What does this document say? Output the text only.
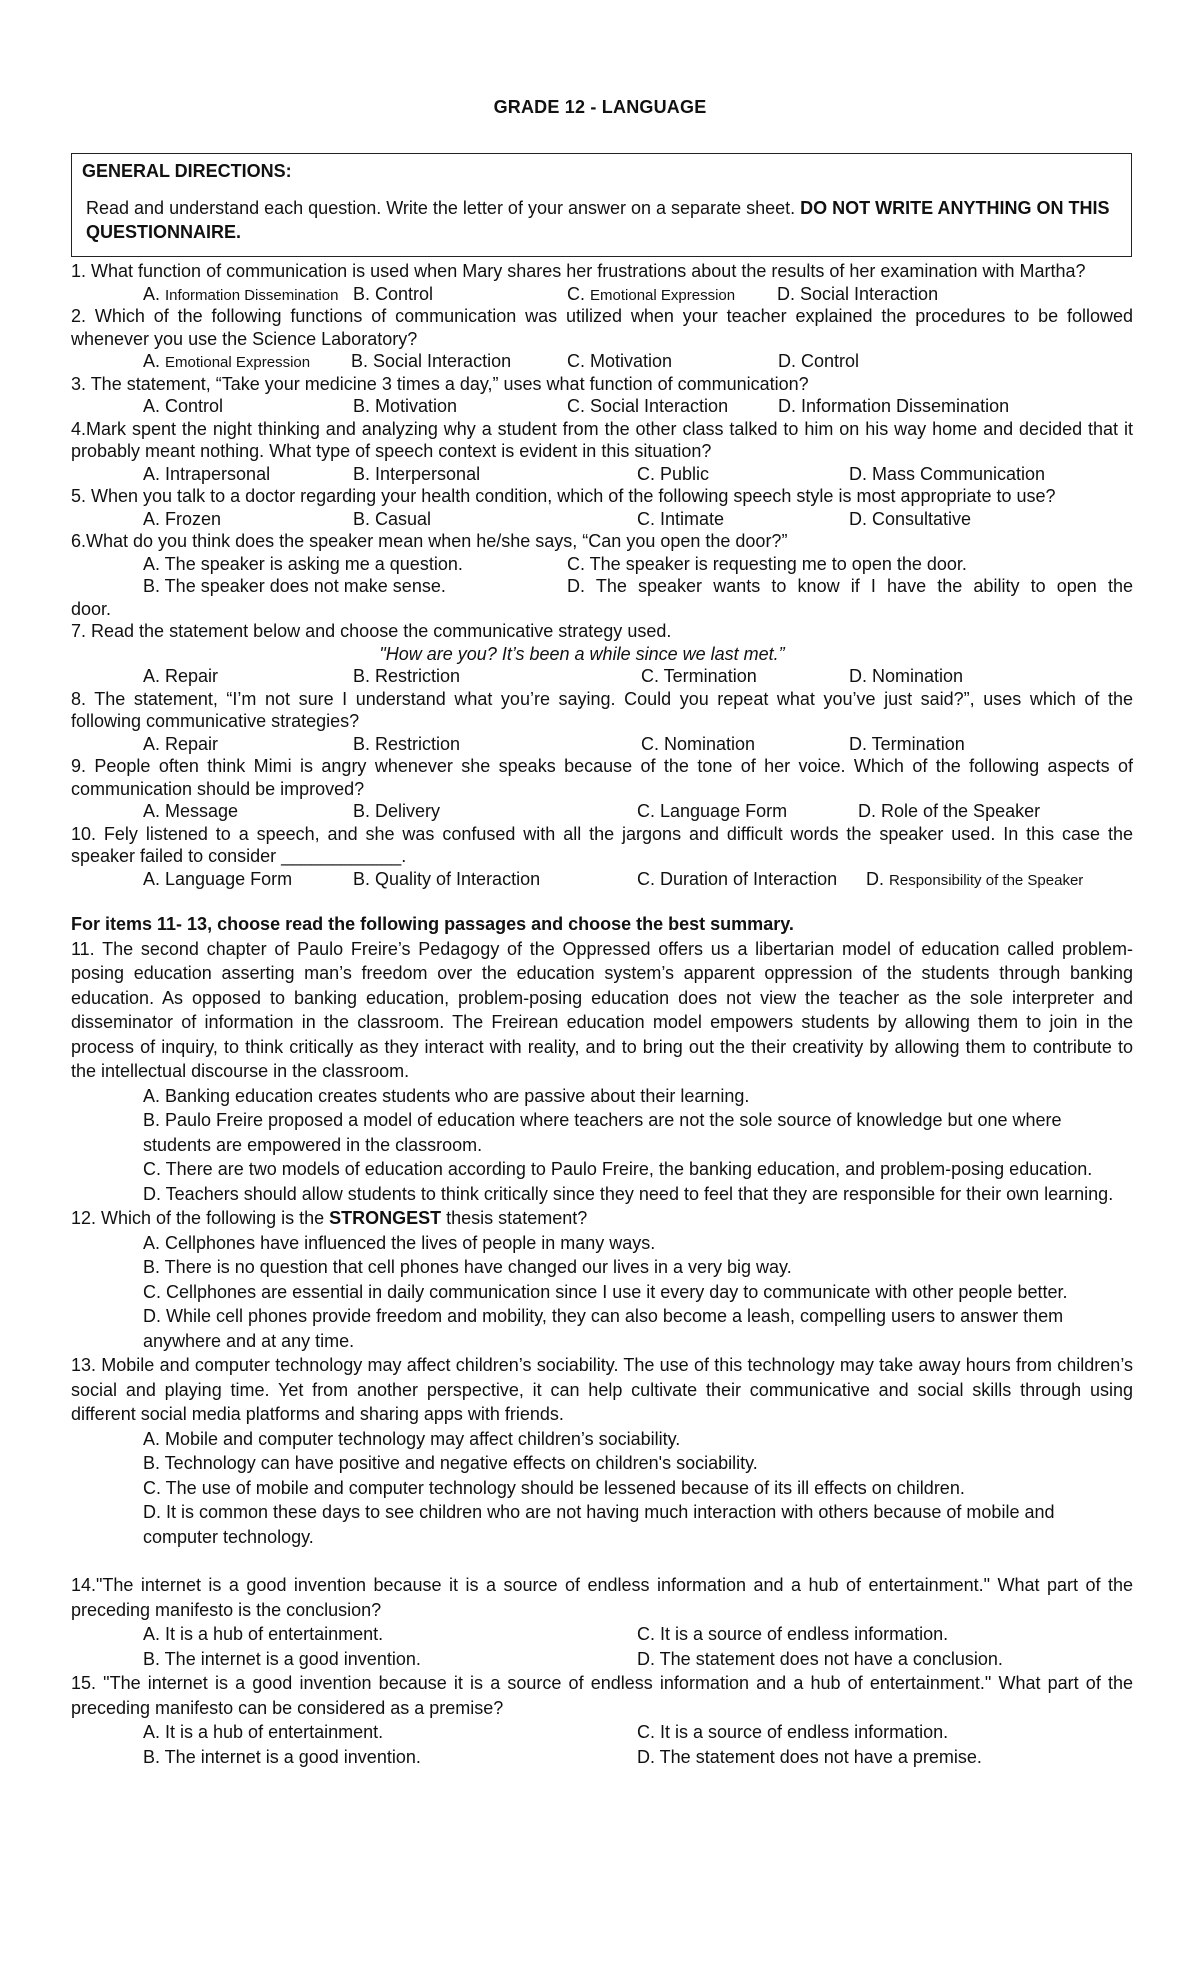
GRADE 12 - LANGUAGE
GENERAL DIRECTIONS:
Read and understand each question. Write the letter of your answer on a separate sheet. DO NOT WRITE ANYTHING ON THIS QUESTIONNAIRE.
1. What function of communication is used when Mary shares her frustrations about the results of her examination with Martha?
A. Information Dissemination B. Control	C. Emotional Expression D. Social Interaction
2. Which of the following functions of communication was utilized when your teacher explained the procedures to be followed whenever you use the Science Laboratory?
A. Emotional Expression B. Social Interaction	C. Motivation	D. Control
3. The statement, “Take your medicine 3 times a day,” uses what function of communication?
A. Control	B. Motivation	C. Social Interaction	D. Information Dissemination
4.Mark spent the night thinking and analyzing why a student from the other class talked to him on his way home and decided that it probably meant nothing. What type of speech context is evident in this situation?
A. Intrapersonal	B. Interpersonal	C. Public	D. Mass Communication
5. When you talk to a doctor regarding your health condition, which of the following speech style is most appropriate to use?
A. Frozen	B. Casual	C. Intimate	D. Consultative
6.What do you think does the speaker mean when he/she says, “Can you open the door?”
A. The speaker is asking me a question.	C. The speaker is requesting me to open the door.
B. The speaker does not make sense.	D. The speaker wants to know if I have the ability to open the
door.
7. Read the statement below and choose the communicative strategy used.
"How are you? It’s been a while since we last met.”
A. Repair	B. Restriction	C. Termination	D. Nomination
8. The statement, “I’m not sure I understand what you’re saying. Could you repeat what you’ve just said?”, uses which of the following communicative strategies?
A. Repair	B. Restriction	C. Nomination	D. Termination
9. People often think Mimi is angry whenever she speaks because of the tone of her voice. Which of the following aspects of communication should be improved?
A. Message	B. Delivery	C. Language Form	D. Role of the Speaker
10. Fely listened to a speech, and she was confused with all the jargons and difficult words the speaker used. In this case the speaker failed to consider ____________.
A. Language Form	B. Quality of Interaction	C. Duration of Interaction D. Responsibility of the Speaker
For items 11- 13, choose read the following passages and choose the best summary.
11. The second chapter of Paulo Freire’s Pedagogy of the Oppressed offers us a libertarian model of education called problem-posing education asserting man’s freedom over the education system’s apparent oppression of the students through banking education. As opposed to banking education, problem-posing education does not view the teacher as the sole interpreter and disseminator of information in the classroom. The Freirean education model empowers students by allowing them to join in the process of inquiry, to think critically as they interact with reality, and to bring out the their creativity by allowing them to contribute to the intellectual discourse in the classroom.
A. Banking education creates students who are passive about their learning.
B. Paulo Freire proposed a model of education where teachers are not the sole source of knowledge but one where students are empowered in the classroom.
C. There are two models of education according to Paulo Freire, the banking education, and problem-posing education.
D. Teachers should allow students to think critically since they need to feel that they are responsible for their own learning.
12. Which of the following is the STRONGEST thesis statement?
A. Cellphones have influenced the lives of people in many ways.
B. There is no question that cell phones have changed our lives in a very big way.
C. Cellphones are essential in daily communication since I use it every day to communicate with other people better.
D. While cell phones provide freedom and mobility, they can also become a leash, compelling users to answer them anywhere and at any time.
13. Mobile and computer technology may affect children’s sociability. The use of this technology may take away hours from children’s social and playing time. Yet from another perspective, it can help cultivate their communicative and social skills through using different social media platforms and sharing apps with friends.
A. Mobile and computer technology may affect children’s sociability.
B. Technology can have positive and negative effects on children's sociability.
C. The use of mobile and computer technology should be lessened because of its ill effects on children.
D. It is common these days to see children who are not having much interaction with others because of mobile and computer technology.
14."The internet is a good invention because it is a source of endless information and a hub of entertainment." What part of the preceding manifesto is the conclusion?
A. It is a hub of entertainment.	C. It is a source of endless information.
B. The internet is a good invention.	D. The statement does not have a conclusion.
15. "The internet is a good invention because it is a source of endless information and a hub of entertainment." What part of the preceding manifesto can be considered as a premise?
A. It is a hub of entertainment.	C. It is a source of endless information.
B. The internet is a good invention.	D. The statement does not have a premise.
